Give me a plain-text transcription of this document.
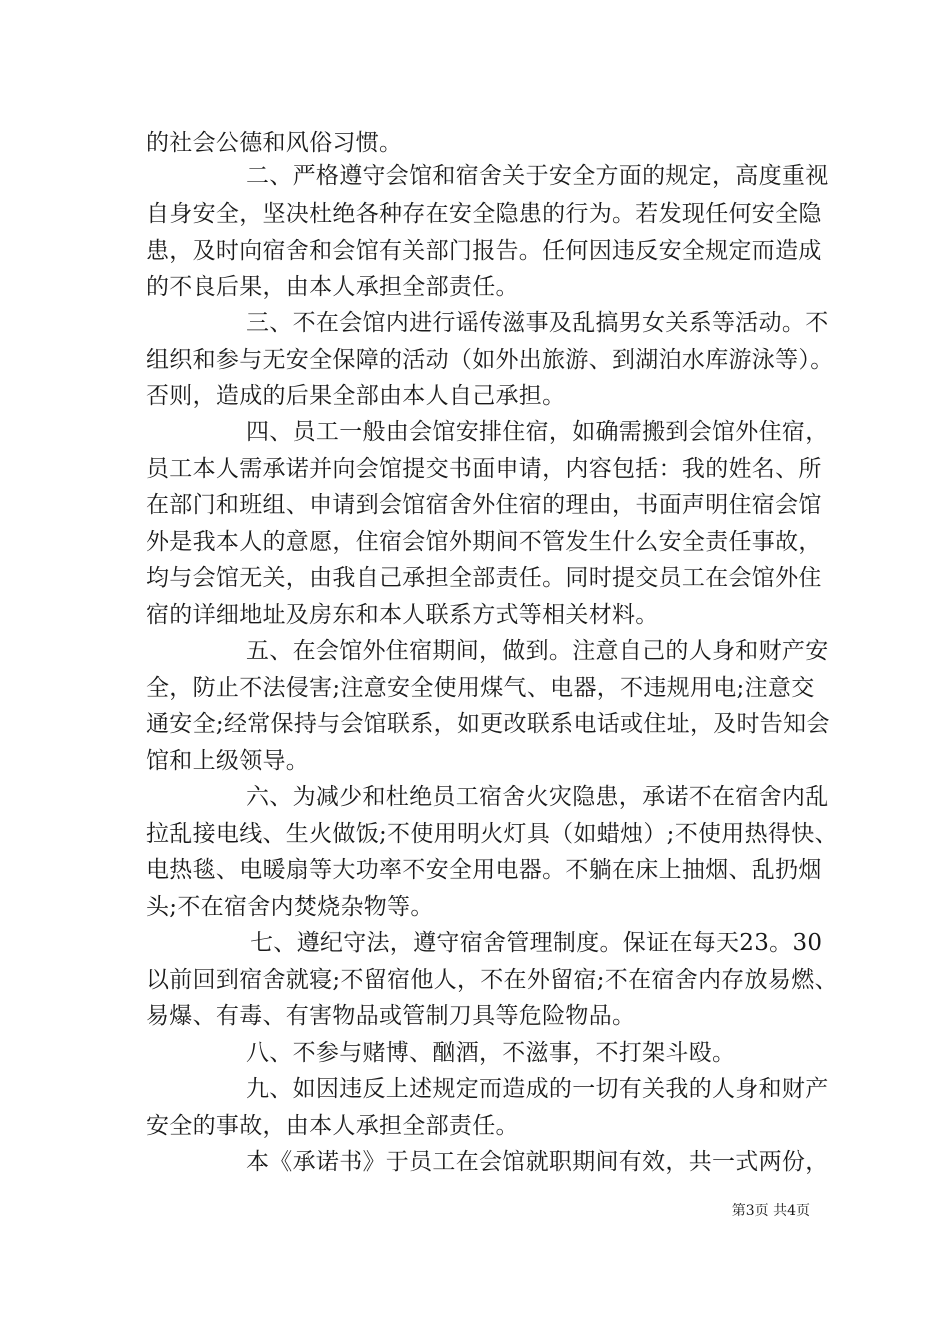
的社会公德和风俗习惯。
二、严格遵守会馆和宿舍关于安全方面的规定，高度重视
自身安全，坚决杜绝各种存在安全隐患的行为。若发现任何安全隐
患，及时向宿舍和会馆有关部门报告。任何因违反安全规定而造成
的不良后果，由本人承担全部责任。
三、不在会馆内进行谣传滋事及乱搞男女关系等活动。不
组织和参与无安全保障的活动（如外出旅游、到湖泊水库游泳等）。
否则，造成的后果全部由本人自己承担。
四、员工一般由会馆安排住宿，如确需搬到会馆外住宿，
员工本人需承诺并向会馆提交书面申请，内容包括：我的姓名、所
在部门和班组、申请到会馆宿舍外住宿的理由，书面声明住宿会馆
外是我本人的意愿，住宿会馆外期间不管发生什么安全责任事故，
均与会馆无关，由我自己承担全部责任。同时提交员工在会馆外住
宿的详细地址及房东和本人联系方式等相关材料。
五、在会馆外住宿期间，做到。注意自己的人身和财产安
全，防止不法侵害;注意安全使用煤气、电器，不违规用电;注意交
通安全;经常保持与会馆联系，如更改联系电话或住址，及时告知会
馆和上级领导。
六、为减少和杜绝员工宿舍火灾隐患，承诺不在宿舍内乱
拉乱接电线、生火做饭;不使用明火灯具（如蜡烛）;不使用热得快、
电热毯、电暖扇等大功率不安全用电器。不躺在床上抽烟、乱扔烟
头;不在宿舍内焚烧杂物等。
七、遵纪守法，遵守宿舍管理制度。保证在每天23。30
以前回到宿舍就寝;不留宿他人，不在外留宿;不在宿舍内存放易燃、
易爆、有毒、有害物品或管制刀具等危险物品。
八、不参与赌博、酗酒，不滋事，不打架斗殴。
九、如因违反上述规定而造成的一切有关我的人身和财产
安全的事故，由本人承担全部责任。
本《承诺书》于员工在会馆就职期间有效，共一式两份，
第3页 共4页
